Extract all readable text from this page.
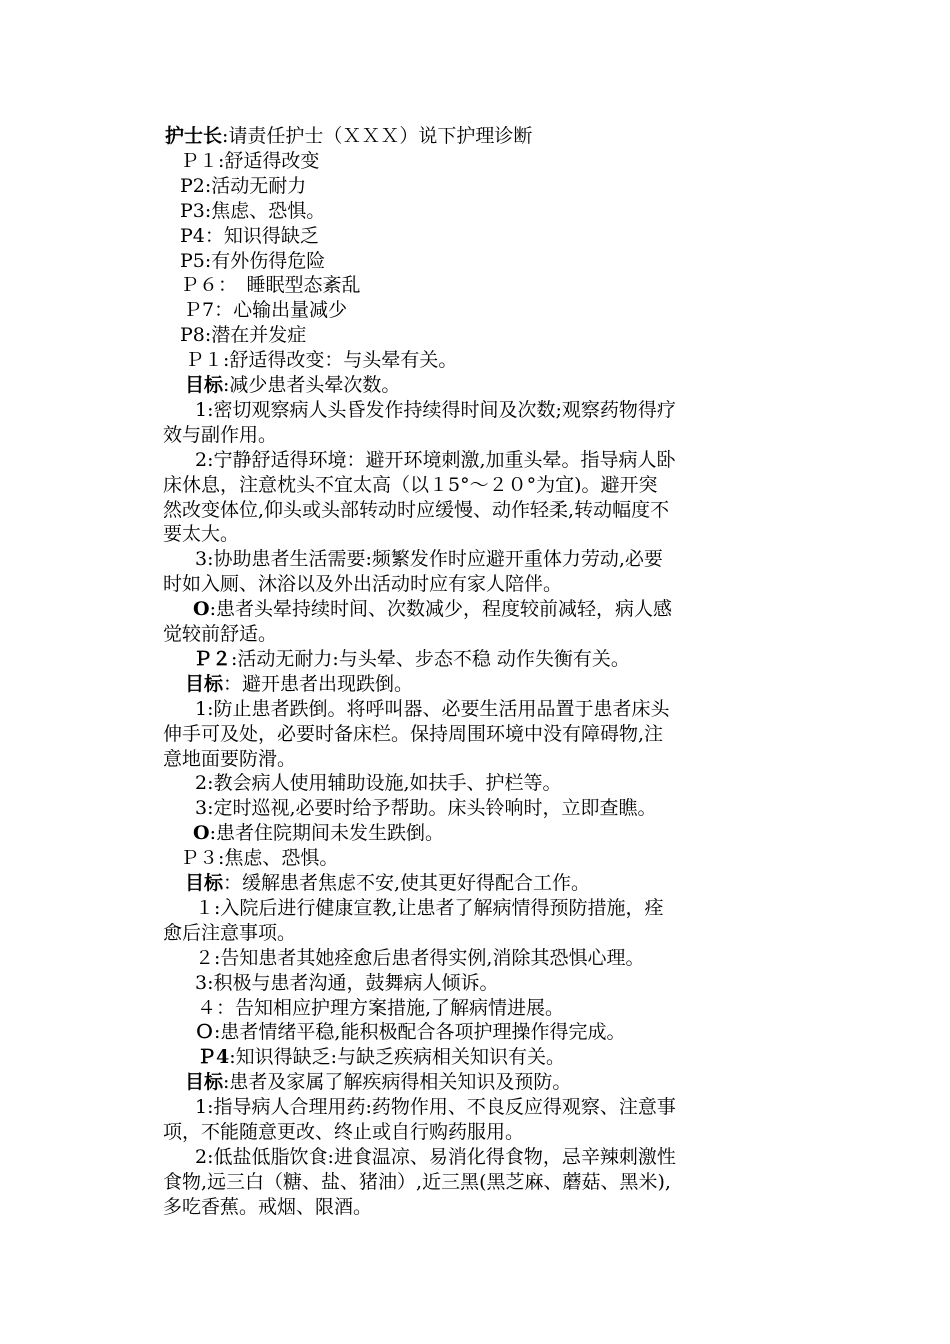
护士长:请责任护士（ＸＸＸ）说下护理诊断
Ｐ１:舒适得改变
P2:活动无耐力
P3:焦虑、恐惧。
P4：知识得缺乏
P5:有外伤得危险
Ｐ６：　睡眠型态紊乱
Ｐ7：心输出量减少
P8:潜在并发症
Ｐ１:舒适得改变：与头晕有关。
目标:减少患者头晕次数。
1:密切观察病人头昏发作持续得时间及次数;观察药物得疗
效与副作用。
2:宁静舒适得环境：避开环境刺激,加重头晕。指导病人卧
床休息，注意枕头不宜太高（以１5°～２０°为宜)。避开突
然改变体位,仰头或头部转动时应缓慢、动作轻柔,转动幅度不
要太大。
3:协助患者生活需要:频繁发作时应避开重体力劳动,必要
时如入厕、沐浴以及外出活动时应有家人陪伴。
O:患者头晕持续时间、次数减少，程度较前减轻，病人感
觉较前舒适。
Ｐ２:活动无耐力:与头晕、步态不稳 动作失衡有关。
目标：避开患者出现跌倒。
1:防止患者跌倒。将呼叫器、必要生活用品置于患者床头
伸手可及处，必要时备床栏。保持周围环境中没有障碍物,注
意地面要防滑。
2:教会病人使用辅助设施,如扶手、护栏等。
3:定时巡视,必要时给予帮助。床头铃响时，立即查瞧。
O:患者住院期间未发生跌倒。
Ｐ３:焦虑、恐惧。
目标：缓解患者焦虑不安,使其更好得配合工作。
１:入院后进行健康宣教,让患者了解病情得预防措施，痊
愈后注意事项。
２:告知患者其她痊愈后患者得实例,消除其恐惧心理。
3:积极与患者沟通，鼓舞病人倾诉。
４：告知相应护理方案措施,了解病情进展。
Ｏ:患者情绪平稳,能积极配合各项护理操作得完成。
Ｐ4:知识得缺乏:与缺乏疾病相关知识有关。
目标:患者及家属了解疾病得相关知识及预防。
1:指导病人合理用药:药物作用、不良反应得观察、注意事
项，不能随意更改、终止或自行购药服用。
2:低盐低脂饮食:进食温凉、易消化得食物，忌辛辣刺激性
食物,远三白（糖、盐、猪油）,近三黑(黑芝麻、蘑菇、黑米),
多吃香蕉。戒烟、限酒。
